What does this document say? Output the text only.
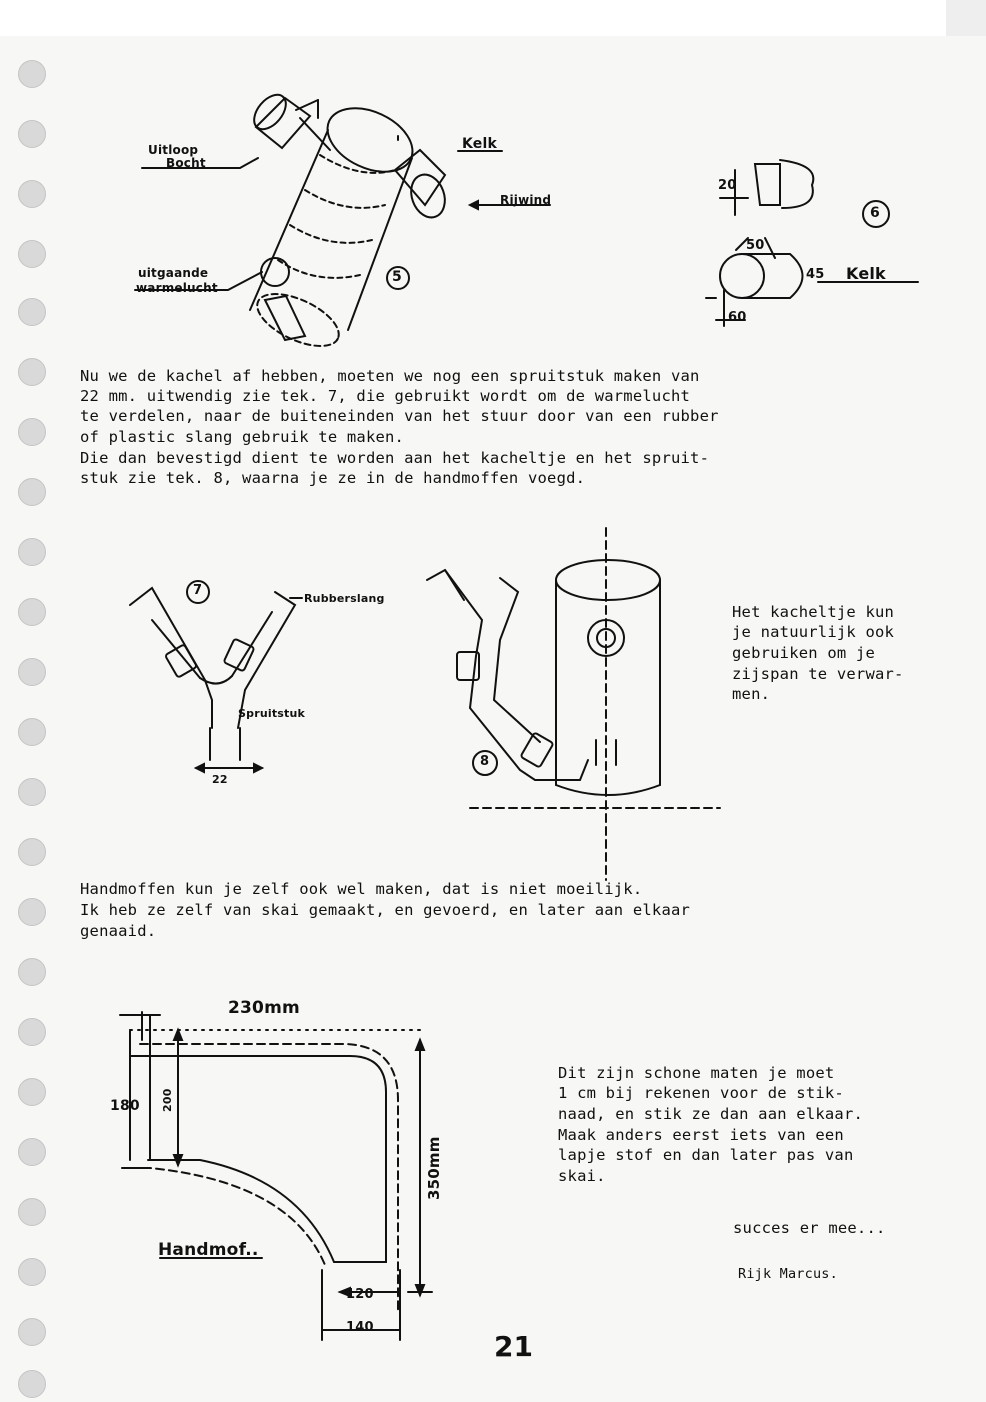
Uitloop
Bocht
Kelk
Rijwind
uitgaande
warmelucht
5
20
50
45 Kelk
60
6
7
Rubberslang
Spruitstuk
22
8
230mm
180 200
350mm
120
140
Handmof..
Nu we de kachel af hebben, moeten we nog een spruitstuk maken van
22 mm. uitwendig zie tek. 7, die gebruikt wordt om de warmelucht
te verdelen, naar de buiteneinden van het stuur door van een rubber
of plastic slang gebruik te maken.
Die dan bevestigd dient te worden aan het kacheltje en het spruit-
stuk zie tek. 8, waarna je ze in de handmoffen voegd.
Het kacheltje kun
je natuurlijk ook
gebruiken om je
zijspan te verwar-
men.
Handmoffen kun je zelf ook wel maken, dat is niet moeilijk.
Ik heb ze zelf van skai gemaakt, en gevoerd, en later aan elkaar
genaaid.
Dit zijn schone maten je moet
1 cm bij rekenen voor de stik-
naad, en stik ze dan aan elkaar.
Maak anders eerst iets van een
lapje stof en dan later pas van
skai.
succes er mee...
Rijk Marcus.
21
